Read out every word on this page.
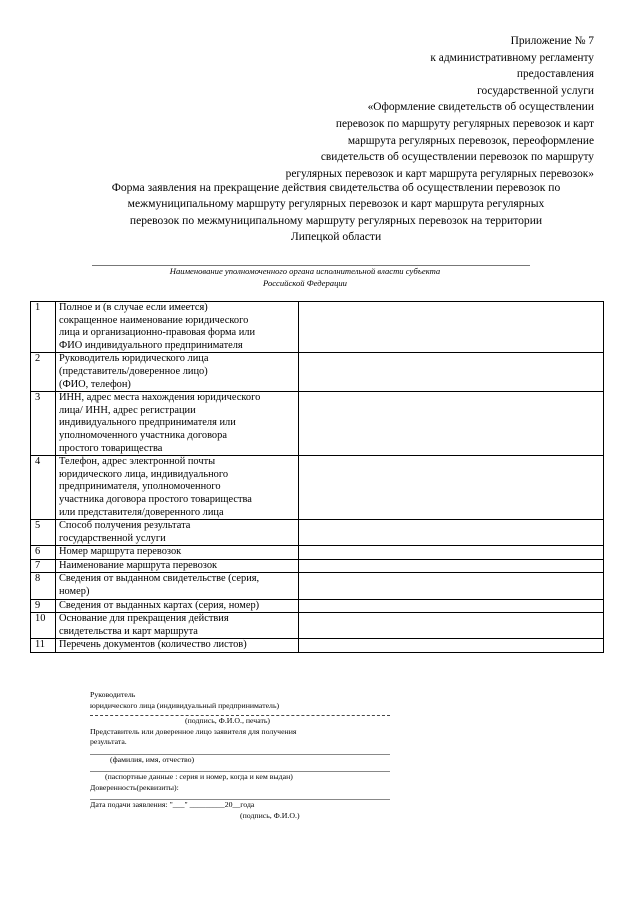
Приложение № 7
к административному регламенту
предоставления
государственной услуги
«Оформление свидетельств об осуществлении
перевозок по маршруту регулярных перевозок и карт
маршрута регулярных перевозок, переоформление
свидетельств об осуществлении перевозок по маршруту
регулярных перевозок и карт маршрута регулярных перевозок»
Форма заявления на прекращение действия свидетельства об осуществлении перевозок по
межмуниципальному маршруту регулярных перевозок и карт маршрута регулярных
перевозок по межмуниципальному маршруту регулярных перевозок на территории
Липецкой области
Наименование уполномоченного органа исполнительной власти субъекта
Российской Федерации
1	Полное и (в случае если имеется)
сокращенное наименование юридического
лица и организационно-правовая форма или
ФИО индивидуального предпринимателя	

2	Руководитель юридического лица
(представитель/доверенное лицо)
(ФИО, телефон)	

3	ИНН, адрес места нахождения юридического
лица/ ИНН, адрес регистрации
индивидуального предпринимателя или
уполномоченного участника договора
простого товарищества	

4	Телефон, адрес электронной почты
юридического лица, индивидуального
предпринимателя, уполномоченного
участника договора простого товарищества
или представителя/доверенного лица	

5	Способ получения результата
государственной услуги	

6	Номер маршрута перевозок	

7	Наименование маршрута перевозок	

8	Сведения от выданном свидетельстве (серия,
номер)	

9	Сведения от выданных картах (серия, номер)	

10	Основание для прекращения действия
свидетельства и карт маршрута	

11	Перечень документов (количество листов)	

Руководитель
юридического лица (индивидуальный предприниматель)
(подпись, Ф.И.О., печать)
Представитель или доверенное лицо заявителя для получения
результата.
(фамилия, имя, отчество)
(паспортные данные : серия и номер, когда и кем выдан)
Доверенность(реквизиты):
Дата подачи заявления: "___" _________20__года
(подпись, Ф.И.О.)
